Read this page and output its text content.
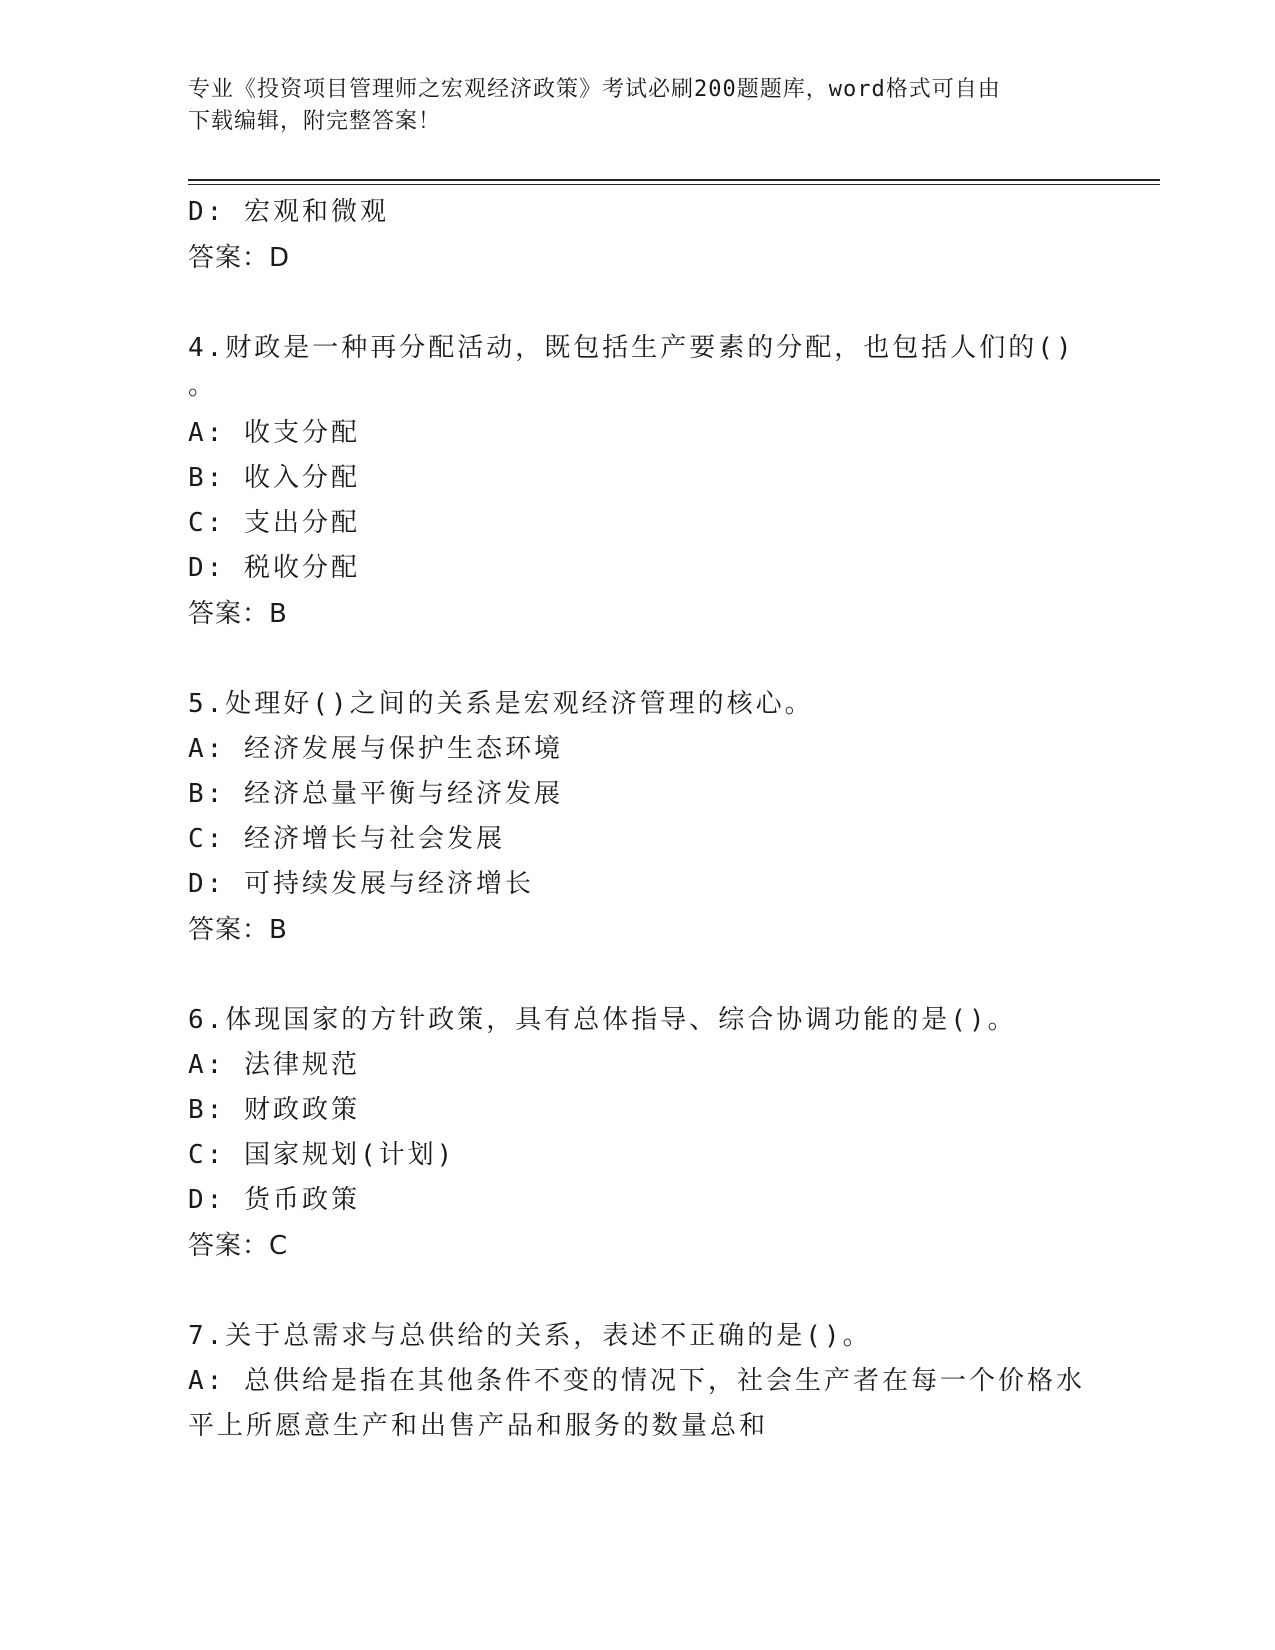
专业《投资项目管理师之宏观经济政策》考试必刷200题题库，word格式可自由
下载编辑，附完整答案！
D: 宏观和微观
答案：D
4.财政是一种再分配活动，既包括生产要素的分配，也包括人们的()
。
A: 收支分配
B: 收入分配
C: 支出分配
D: 税收分配
答案：B
5.处理好()之间的关系是宏观经济管理的核心。
A: 经济发展与保护生态环境
B: 经济总量平衡与经济发展
C: 经济增长与社会发展
D: 可持续发展与经济增长
答案：B
6.体现国家的方针政策，具有总体指导、综合协调功能的是()。
A: 法律规范
B: 财政政策
C: 国家规划(计划)
D: 货币政策
答案：C
7.关于总需求与总供给的关系，表述不正确的是()。
A: 总供给是指在其他条件不变的情况下，社会生产者在每一个价格水
平上所愿意生产和出售产品和服务的数量总和
